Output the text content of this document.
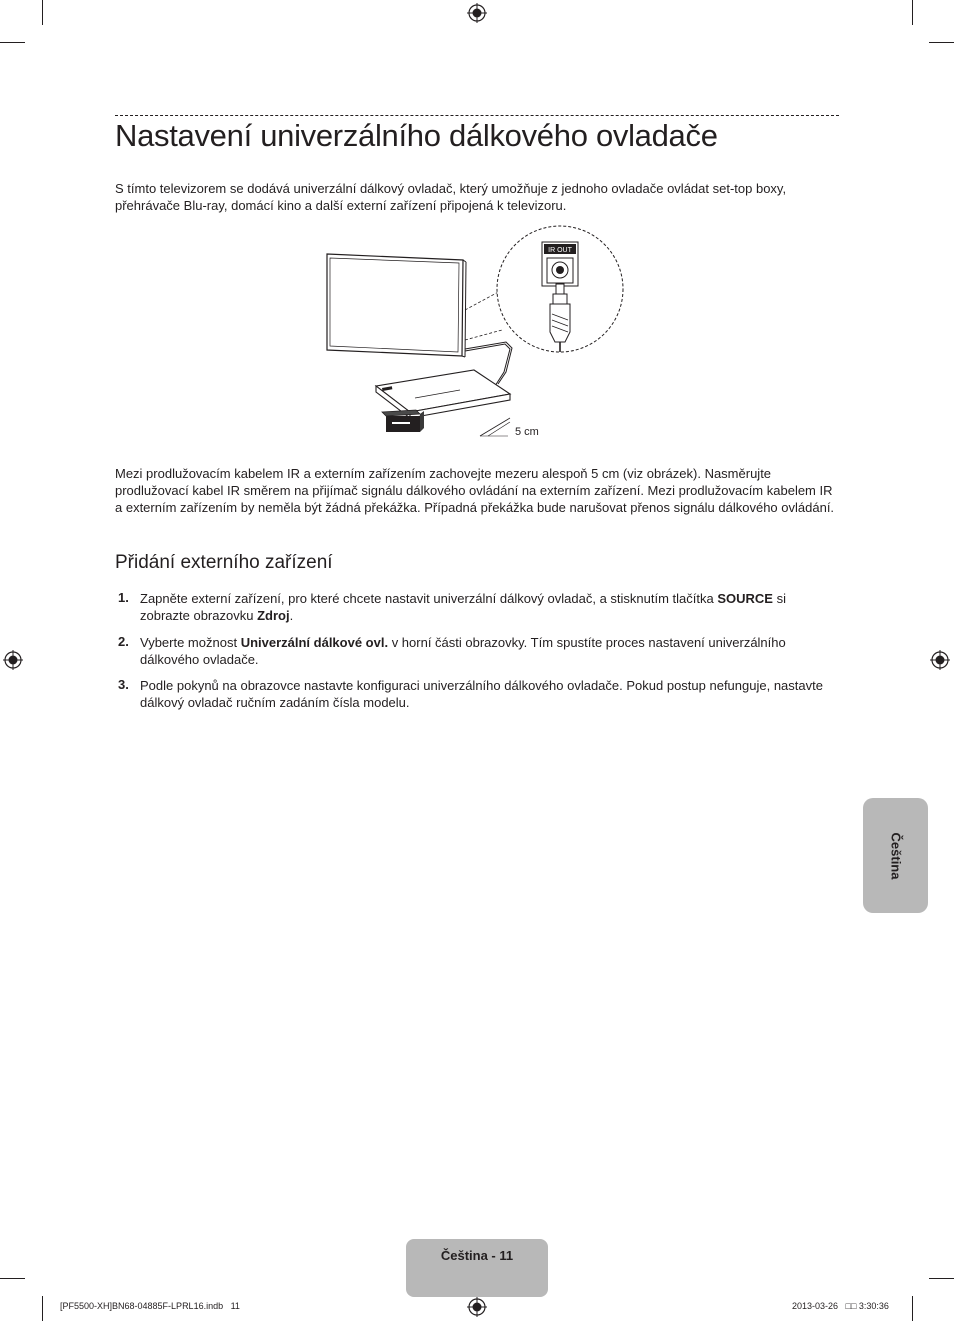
Nastavení univerzálního dálkového ovladače
S tímto televizorem se dodává univerzální dálkový ovladač, který umožňuje z jednoho ovladače ovládat set-top boxy, přehrávače Blu-ray, domácí kino a další externí zařízení připojená k televizoru.
IR OUT
5 cm
Mezi prodlužovacím kabelem IR a externím zařízením zachovejte mezeru alespoň 5 cm (viz obrázek). Nasměrujte prodlužovací kabel IR směrem na přijímač signálu dálkového ovládání na externím zařízení. Mezi prodlužovacím kabelem IR a externím zařízením by neměla být žádná překážka. Případná překážka bude narušovat přenos signálu dálkového ovládání.
Přidání externího zařízení
1. Zapněte externí zařízení, pro které chcete nastavit univerzální dálkový ovladač, a stisknutím tlačítka SOURCE si zobrazte obrazovku Zdroj.
2. Vyberte možnost Univerzální dálkové ovl. v horní části obrazovky. Tím spustíte proces nastavení univerzálního dálkového ovladače.
3. Podle pokynů na obrazovce nastavte konfiguraci univerzálního dálkového ovladače. Pokud postup nefunguje, nastavte dálkový ovladač ručním zadáním čísla modelu.
Čeština
Čeština - 11
[PF5500-XH]BN68-04885F-LPRL16.indb   11	2013-03-26   □□ 3:30:36
